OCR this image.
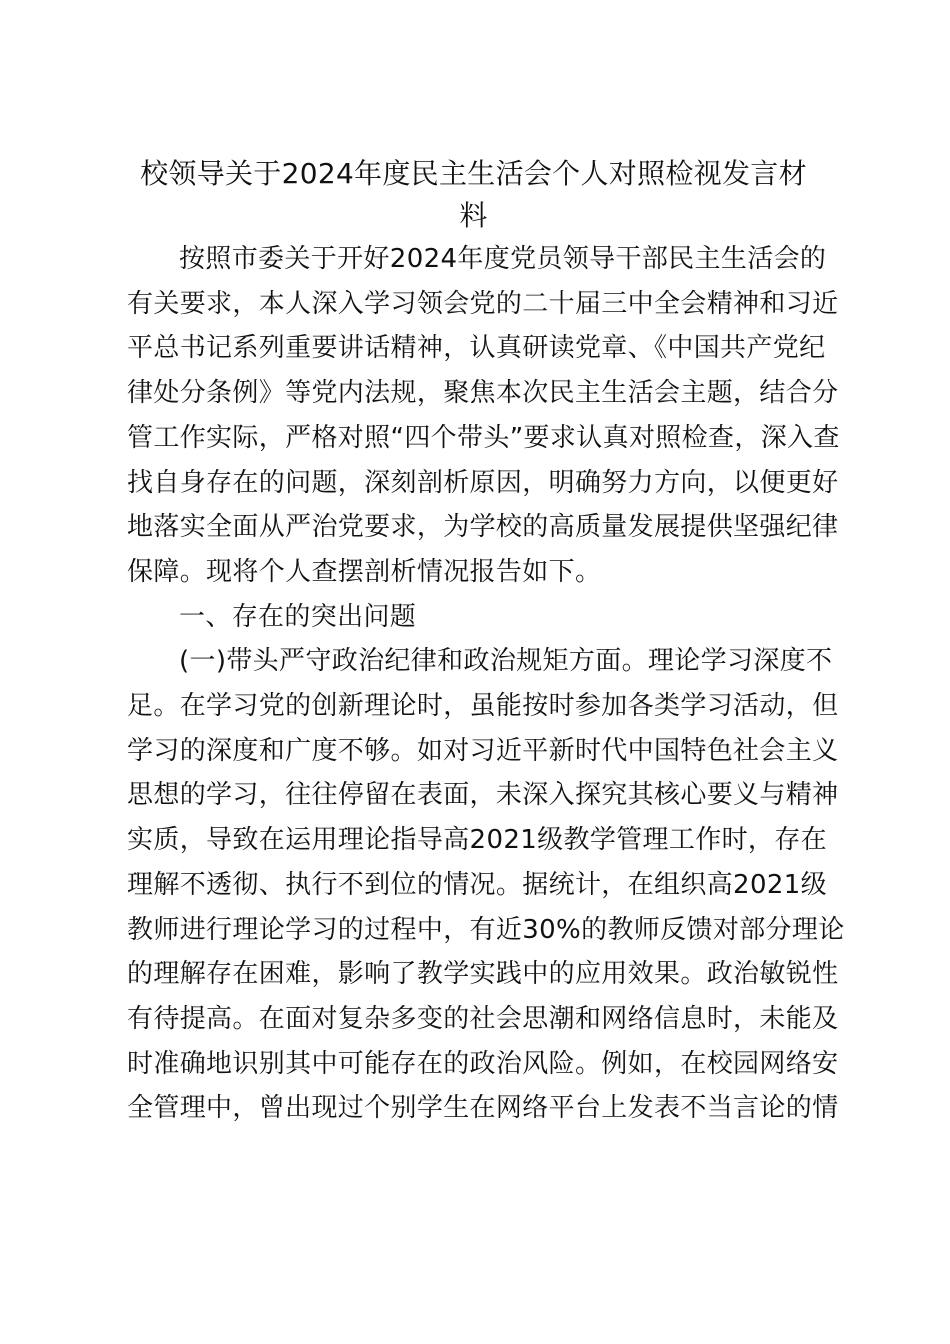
校领导关于2024年度民主生活会个人对照检视发言材
料
按照市委关于开好2024年度党员领导干部民主生活会的
有关要求，本人深入学习领会党的二十届三中全会精神和习近
平总书记系列重要讲话精神，认真研读党章、《中国共产党纪
律处分条例》等党内法规，聚焦本次民主生活会主题，结合分
管工作实际，严格对照“四个带头”要求认真对照检查，深入查
找自身存在的问题，深刻剖析原因，明确努力方向，以便更好
地落实全面从严治党要求，为学校的高质量发展提供坚强纪律
保障。现将个人查摆剖析情况报告如下。
一、存在的突出问题
(一)带头严守政治纪律和政治规矩方面。理论学习深度不
足。在学习党的创新理论时，虽能按时参加各类学习活动，但
学习的深度和广度不够。如对习近平新时代中国特色社会主义
思想的学习，往往停留在表面，未深入探究其核心要义与精神
实质，导致在运用理论指导高2021级教学管理工作时，存在
理解不透彻、执行不到位的情况。据统计，在组织高2021级
教师进行理论学习的过程中，有近30%的教师反馈对部分理论
的理解存在困难，影响了教学实践中的应用效果。政治敏锐性
有待提高。在面对复杂多变的社会思潮和网络信息时，未能及
时准确地识别其中可能存在的政治风险。例如，在校园网络安
全管理中，曾出现过个别学生在网络平台上发表不当言论的情
